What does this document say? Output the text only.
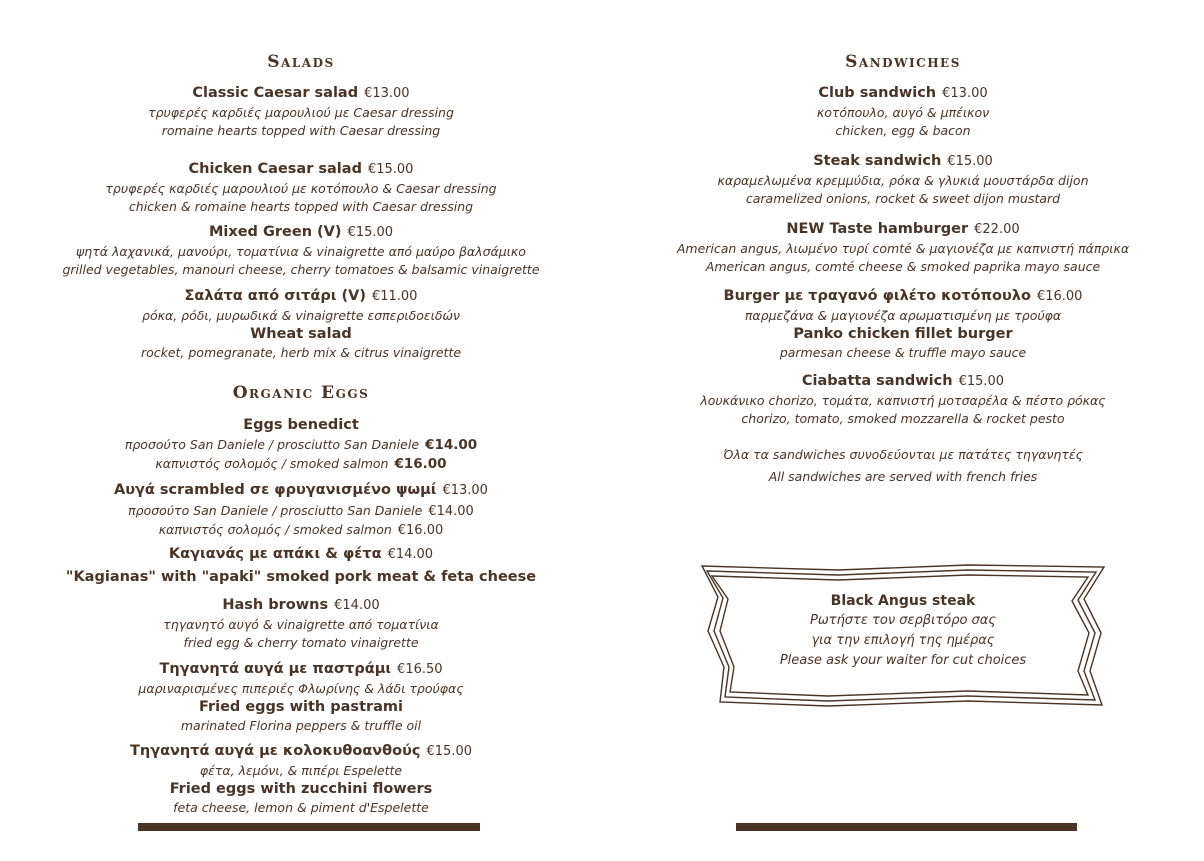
Salads
Classic Caesar salad €13.00
τρυφερές καρδιές μαρουλιού με Caesar dressing
romaine hearts topped with Caesar dressing
Chicken Caesar salad €15.00
τρυφερές καρδιές μαρουλιού με κοτόπουλο & Caesar dressing
chicken & romaine hearts topped with Caesar dressing
Mixed Green (V) €15.00
ψητά λαχανικά, μανούρι, τοματίνια & vinaigrette από μαύρο βαλσάμικο
grilled vegetables, manouri cheese, cherry tomatoes & balsamic vinaigrette
Σαλάτα από σιτάρι (V) €11.00
ρόκα, ρόδι, μυρωδικά & vinaigrette εσπεριδοειδών
Wheat salad
rocket, pomegranate, herb mix & citrus vinaigrette
Organic Eggs
Eggs benedict
προσούτο San Daniele / prosciutto San Daniele €14.00
καπνιστός σολομός / smoked salmon €16.00
Αυγά scrambled σε φρυγανισμένο ψωμί €13.00
προσούτο San Daniele / prosciutto San Daniele €14.00
καπνιστός σολομός / smoked salmon €16.00
Καγιανάς με απάκι & φέτα €14.00
"Kagianas" with "apaki" smoked pork meat & feta cheese
Hash browns €14.00
τηγανητό αυγό & vinaigrette από τοματίνια
fried egg & cherry tomato vinaigrette
Τηγανητά αυγά με παστράμι €16.50
μαριναρισμένες πιπεριές Φλωρίνης & λάδι τρούφας
Fried eggs with pastrami
marinated Florina peppers & truffle oil
Τηγανητά αυγά με κολοκυθοανθούς €15.00
φέτα, λεμόνι, & πιπέρι Espelette
Fried eggs with zucchini flowers
feta cheese, lemon & piment d'Espelette
Sandwiches
Club sandwich €13.00
κοτόπουλο, αυγό & μπέικον
chicken, egg & bacon
Steak sandwich €15.00
καραμελωμένα κρεμμύδια, ρόκα & γλυκιά μουστάρδα dijon
caramelized onions, rocket & sweet dijon mustard
NEW Taste hamburger €22.00
American angus, λιωμένο τυρί comté & μαγιονέζα με καπνιστή πάπρικα
American angus, comté cheese & smoked paprika mayo sauce
Burger με τραγανό φιλέτο κοτόπουλο €16.00
παρμεζάνα & μαγιονέζα αρωματισμένη με τρούφα
Panko chicken fillet burger
parmesan cheese & truffle mayo sauce
Ciabatta sandwich €15.00
λουκάνικο chorizo, τομάτα, καπνιστή μοτσαρέλα & πέστο ρόκας
chorizo, tomato, smoked mozzarella & rocket pesto
Όλα τα sandwiches συνοδεύονται με πατάτες τηγανητές
All sandwiches are served with french fries
Black Angus steak
Ρωτήστε τον σερβιτόρο σας
για την επιλογή της ημέρας
Please ask your waiter for cut choices
